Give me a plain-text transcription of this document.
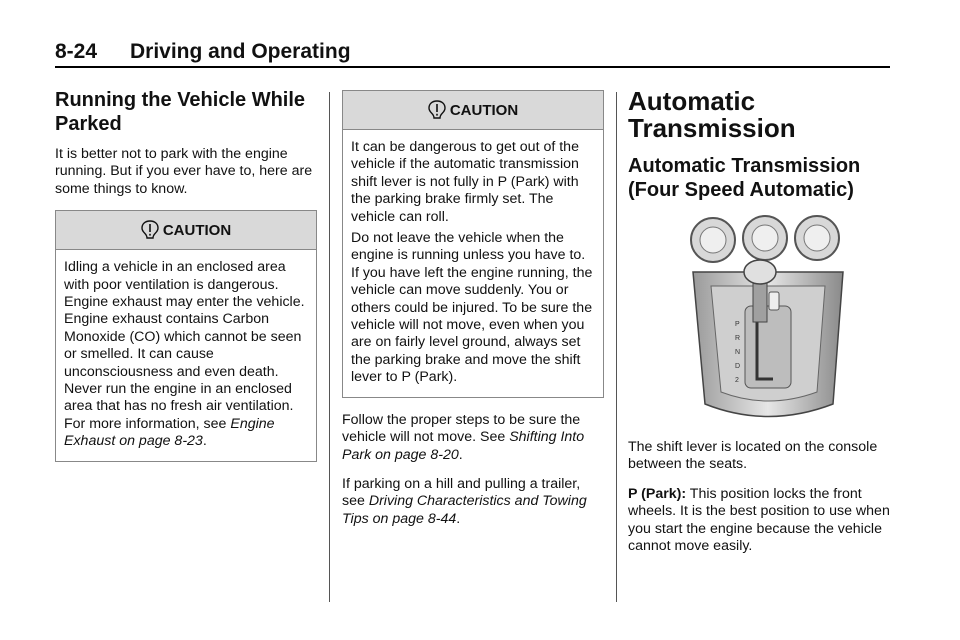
8-24 Driving and Operating
Running the Vehicle While Parked

It is better not to park with the engine running. But if you ever have to, here are some things to know.

CAUTION

Idling a vehicle in an enclosed area with poor ventilation is dangerous. Engine exhaust may enter the vehicle. Engine exhaust contains Carbon Monoxide (CO) which cannot be seen or smelled. It can cause unconsciousness and even death. Never run the engine in an enclosed area that has no fresh air ventilation. For more information, see Engine Exhaust on page 8-23.

CAUTION

It can be dangerous to get out of the vehicle if the automatic transmission shift lever is not fully in P (Park) with the parking brake firmly set. The vehicle can roll.

Do not leave the vehicle when the engine is running unless you have to. If you have left the engine running, the vehicle can move suddenly. You or others could be injured. To be sure the vehicle will not move, even when you are on fairly level ground, always set the parking brake and move the shift lever to P (Park).

Follow the proper steps to be sure the vehicle will not move. See Shifting Into Park on page 8-20.

If parking on a hill and pulling a trailer, see Driving Characteristics and Towing Tips on page 8-44.

Automatic Transmission
Automatic Transmission (Four Speed Automatic)
P
R
N
D
2

The shift lever is located on the console between the seats.

P (Park): This position locks the front wheels. It is the best position to use when you start the engine because the vehicle cannot move easily.
